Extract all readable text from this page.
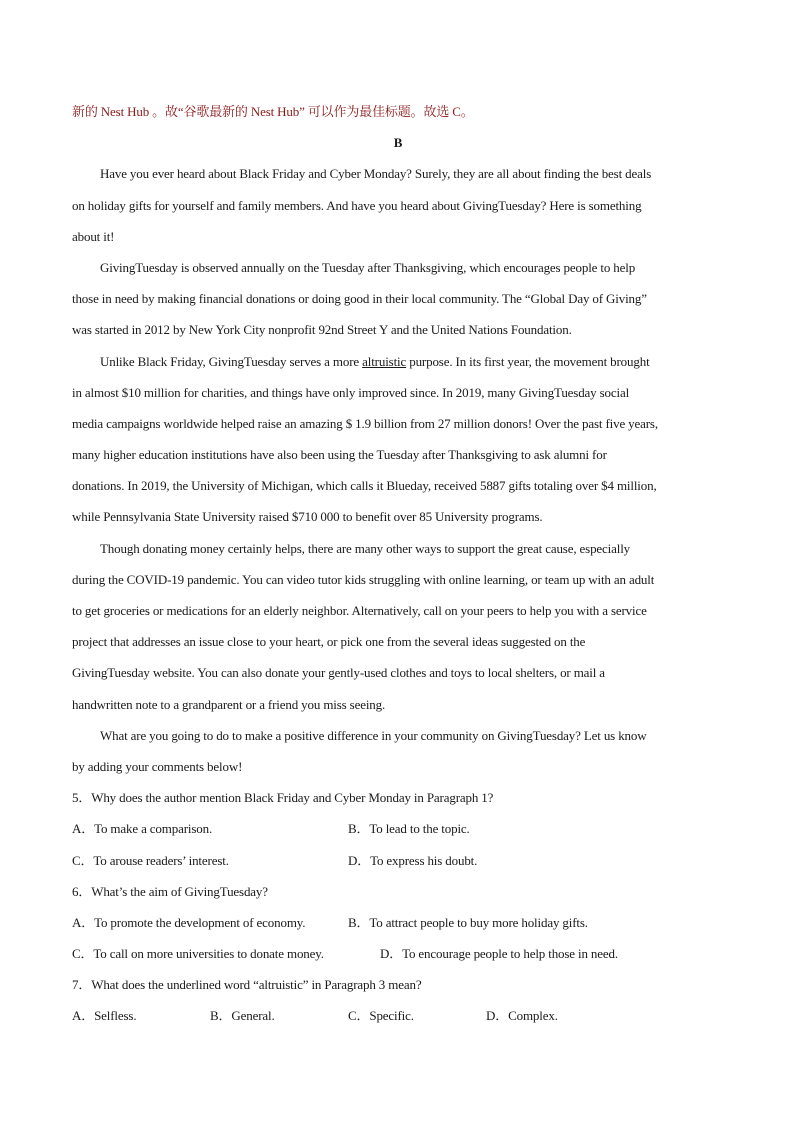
新的 Nest Hub 。故“谷歌最新的 Nest Hub” 可以作为最佳标题。故选 C。
B
Have you ever heard about Black Friday and Cyber Monday? Surely, they are all about finding the best deals
on holiday gifts for yourself and family members. And have you heard about GivingTuesday? Here is something
about it!
GivingTuesday is observed annually on the Tuesday after Thanksgiving, which encourages people to help
those in need by making financial donations or doing good in their local community. The “Global Day of Giving”
was started in 2012 by New York City nonprofit 92nd Street Y and the United Nations Foundation.
Unlike Black Friday, GivingTuesday serves a more altruistic purpose. In its first year, the movement brought
in almost $10 million for charities, and things have only improved since. In 2019, many GivingTuesday social
media campaigns worldwide helped raise an amazing $ 1.9 billion from 27 million donors! Over the past five years,
many higher education institutions have also been using the Tuesday after Thanksgiving to ask alumni for
donations. In 2019, the University of Michigan, which calls it Blueday, received 5887 gifts totaling over $4 million,
while Pennsylvania State University raised $710 000 to benefit over 85 University programs.
Though donating money certainly helps, there are many other ways to support the great cause, especially
during the COVID-19 pandemic. You can video tutor kids struggling with online learning, or team up with an adult
to get groceries or medications for an elderly neighbor. Alternatively, call on your peers to help you with a service
project that addresses an issue close to your heart, or pick one from the several ideas suggested on the
GivingTuesday website. You can also donate your gently-used clothes and toys to local shelters, or mail a
handwritten note to a grandparent or a friend you miss seeing.
What are you going to do to make a positive difference in your community on GivingTuesday? Let us know
by adding your comments below!
5．Why does the author mention Black Friday and Cyber Monday in Paragraph 1?
A．To make a comparison.	B．To lead to the topic.
C．To arouse readers’ interest.	D．To express his doubt.
6．What’s the aim of GivingTuesday?
A．To promote the development of economy.	B．To attract people to buy more holiday gifts.
C．To call on more universities to donate money.	D．To encourage people to help those in need.
7．What does the underlined word “altruistic” in Paragraph 3 mean?
A．Selfless.	B．General.	C．Specific.	D．Complex.
